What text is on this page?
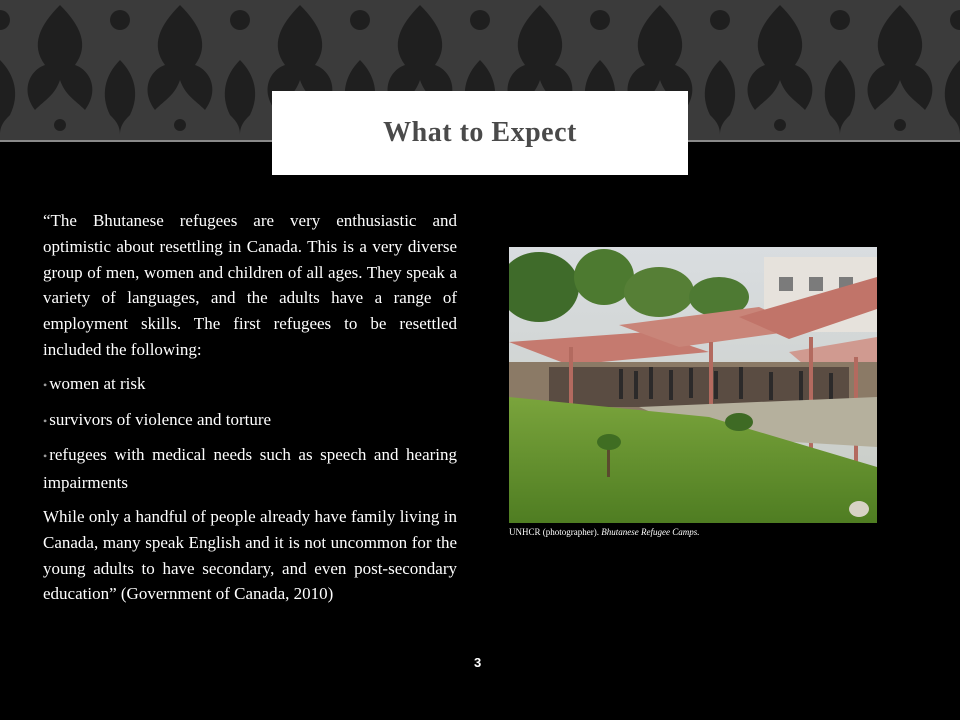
What to Expect

“The Bhutanese refugees are very enthusiastic and optimistic about resettling in Canada. This is a very diverse group of men, women and children of all ages. They speak a variety of languages, and the adults have a range of employment skills. The first refugees to be resettled included the following:

• women at risk
• survivors of violence and torture
• refugees with medical needs such as speech and hearing impairments

While only a handful of people already have family living in Canada, many speak English and it is not uncommon for the young adults to have secondary, and even post-secondary education” (Government of Canada, 2010)

UNHCR (photographer). Bhutanese Refugee Camps.
3
